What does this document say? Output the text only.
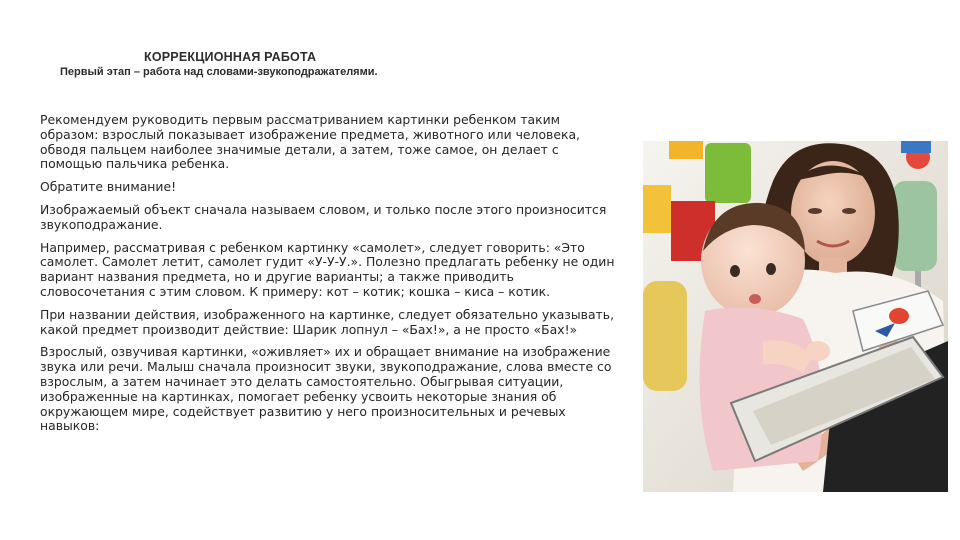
КОРРЕКЦИОННАЯ РАБОТА
Первый этап – работа над словами-звукоподражателями.

Рекомендуем руководить первым рассматриванием картинки ребенком таким образом: взрослый показывает изображение предмета, животного или человека, обводя пальцем наиболее значимые детали, а затем, тоже самое, он делает с помощью пальчика ребенка.

Обратите внимание!

Изображаемый объект сначала называем словом, и только после этого произносится звукоподражание.

Например, рассматривая с ребенком картинку «самолет», следует говорить: «Это самолет. Самолет летит, самолет гудит «У-У-У.». Полезно предлагать ребенку не один вариант названия предмета, но и другие варианты; а также приводить словосочетания с этим словом. К примеру: кот – котик; кошка – киса – котик.

При названии действия, изображенного на картинке, следует обязательно указывать, какой предмет производит действие: Шарик лопнул – «Бах!», а не просто «Бах!»

Взрослый, озвучивая картинки, «оживляет» их и обращает внимание на изображение звука или речи. Малыш сначала произносит звуки, звукоподражание, слова вместе со взрослым, а затем начинает это делать самостоятельно. Обыгрывая ситуации, изображенные на картинках, помогает ребенку усвоить некоторые знания об окружающем мире, содействует развитию у него произносительных и речевых навыков:
